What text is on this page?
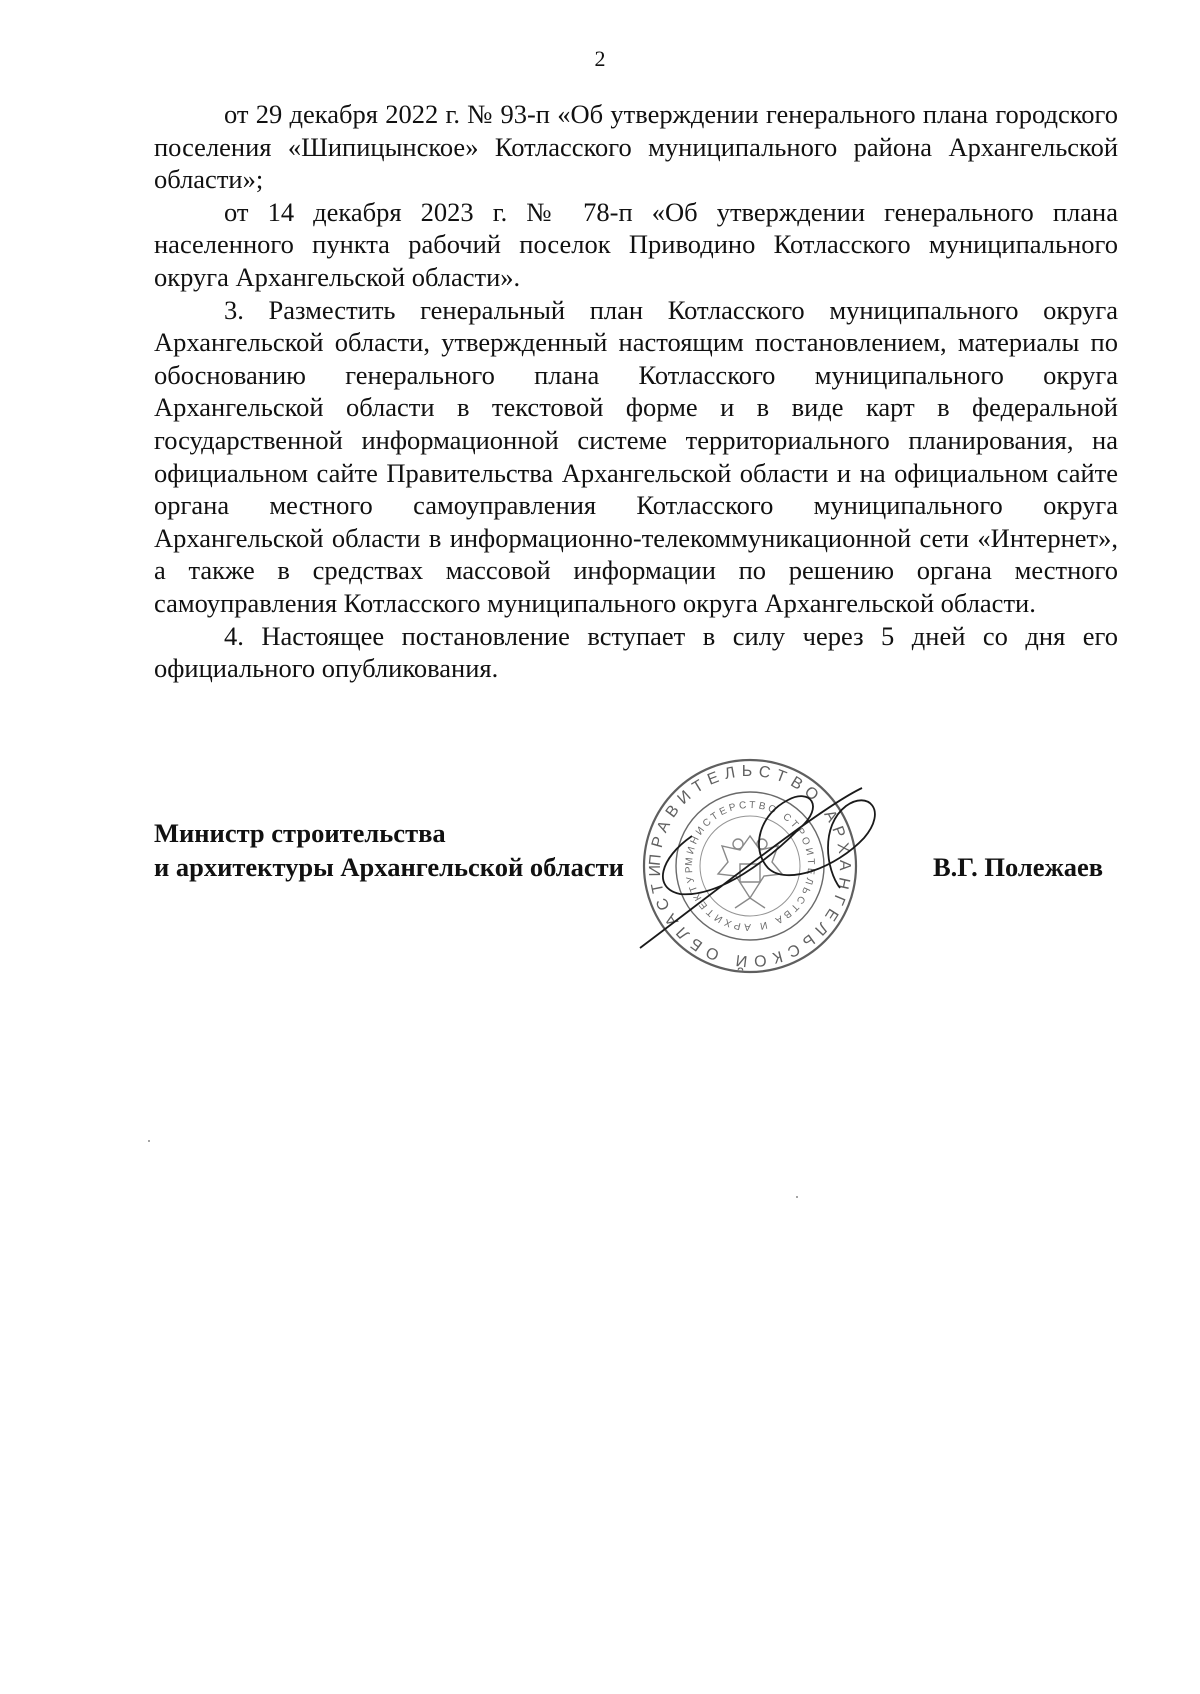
2

от 29 декабря 2022 г. № 93-п «Об утверждении генерального плана городского поселения «Шипицынское» Котласского муниципального района Архангельской области»;

от 14 декабря 2023 г. № 78-п «Об утверждении генерального плана населенного пункта рабочий поселок Приводино Котласского муниципального округа Архангельской области».

3. Разместить генеральный план Котласского муниципального округа Архангельской области, утвержденный настоящим постановлением, материалы по обоснованию генерального плана Котласского муниципального округа Архангельской области в текстовой форме и в виде карт в федеральной государственной информационной системе территориального планирования, на официальном сайте Правительства Архангельской области и на официальном сайте органа местного самоуправления Котласского муниципального округа Архангельской области в информационно-телекоммуникационной сети «Интернет», а также в средствах массовой информации по решению органа местного самоуправления Котласского муниципального округа Архангельской области.

4. Настоящее постановление вступает в силу через 5 дней со дня его официального опубликования.

Министр строительства
и архитектуры Архангельской области ПРАВИТЕЛЬСТВО АРХАНГЕЛЬСКОЙ ОБЛАСТИ	МИНИСТЕРСТВО СТРОИТЕЛЬСТВА И АРХИТЕКТУР	В.Г. Полежаев
